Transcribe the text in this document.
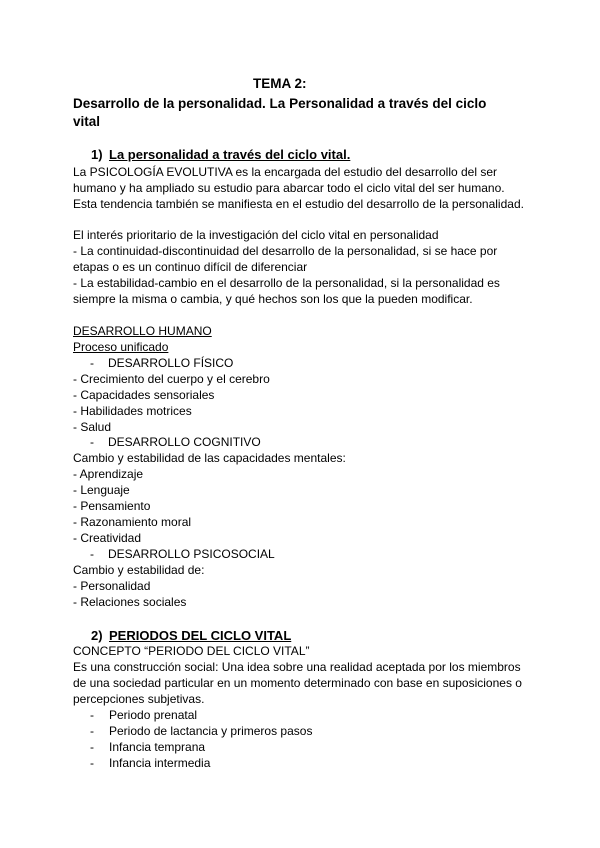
TEMA 2:
Desarrollo de la personalidad. La Personalidad a través del ciclo
vital
1) La personalidad a través del ciclo vital.
La PSICOLOGÍA EVOLUTIVA es la encargada del estudio del desarrollo del ser
humano y ha ampliado su estudio para abarcar todo el ciclo vital del ser humano.
Esta tendencia también se manifiesta en el estudio del desarrollo de la personalidad.
El interés prioritario de la investigación del ciclo vital en personalidad
- La continuidad-discontinuidad del desarrollo de la personalidad, si se hace por
etapas o es un continuo difícil de diferenciar
- La estabilidad-cambio en el desarrollo de la personalidad, si la personalidad es
siempre la misma o cambia, y qué hechos son los que la pueden modificar.
DESARROLLO HUMANO
Proceso unificado
- DESARROLLO FÍSICO
- Crecimiento del cuerpo y el cerebro
- Capacidades sensoriales
- Habilidades motrices
- Salud
- DESARROLLO COGNITIVO
Cambio y estabilidad de las capacidades mentales:
- Aprendizaje
- Lenguaje
- Pensamiento
- Razonamiento moral
- Creatividad
- DESARROLLO PSICOSOCIAL
Cambio y estabilidad de:
- Personalidad
- Relaciones sociales
2) PERIODOS DEL CICLO VITAL
CONCEPTO “PERIODO DEL CICLO VITAL”
Es una construcción social: Una idea sobre una realidad aceptada por los miembros
de una sociedad particular en un momento determinado con base en suposiciones o
percepciones subjetivas.
- Periodo prenatal
- Periodo de lactancia y primeros pasos
- Infancia temprana
- Infancia intermedia
